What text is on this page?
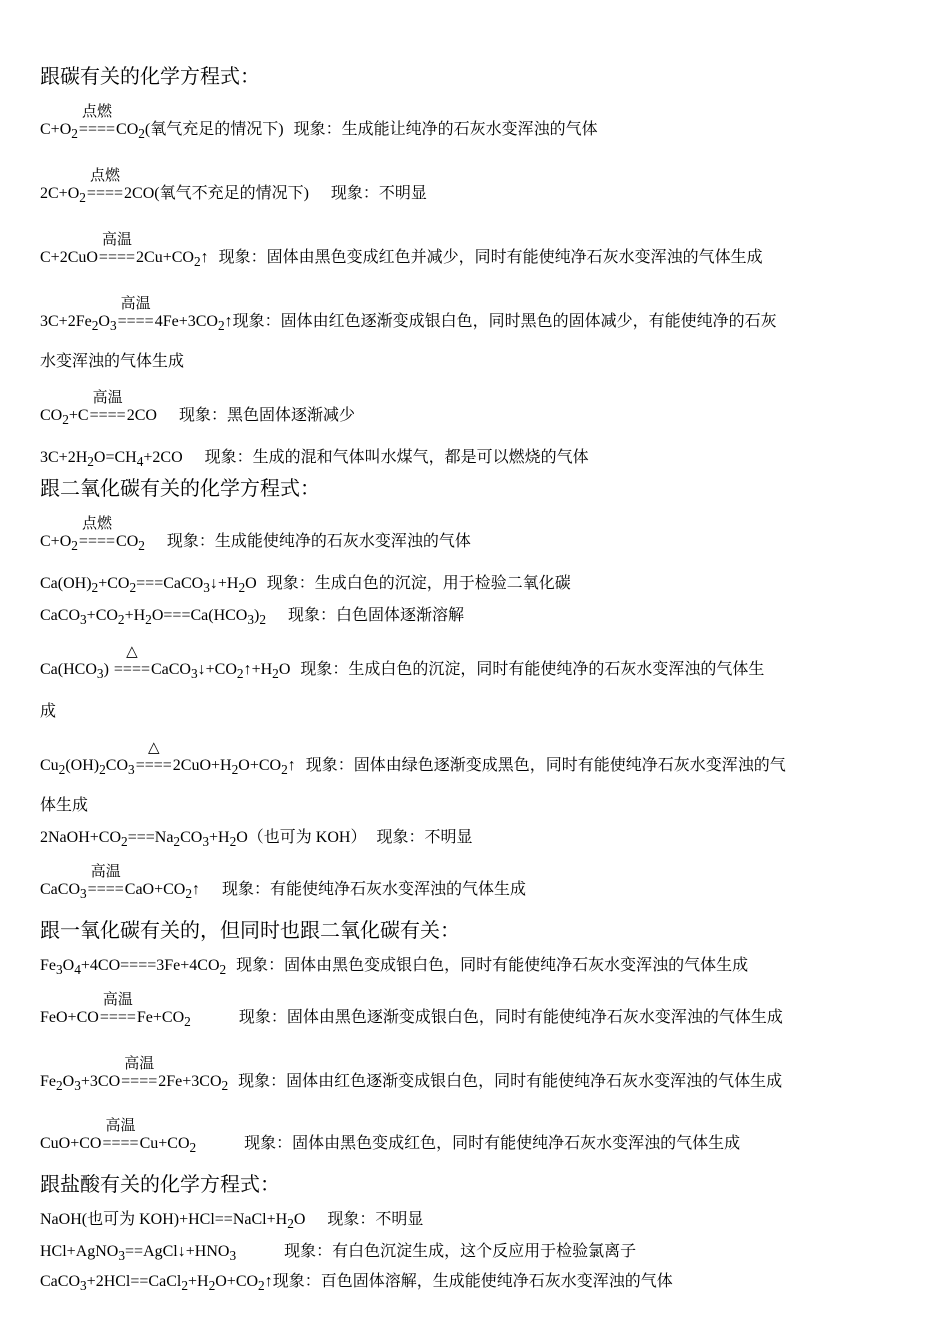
跟碳有关的化学方程式：
$C+O_2$
点燃
$====CO_2$(氧气充足的情况下) 现象：生成能让纯净的石灰水变浑浊的气体
$2C+O_2$
点燃
====2CO(氧气不充足的情况下) 现象：不明显
C+2CuO
高温
$====2Cu+CO_2↑$ 现象：固体由黑色变成红色并减少，同时有能使纯净石灰水变浑浊的气体生成
$3C+2Fe_2O_3$
高温
$====4Fe+3CO_2↑$现象：固体由红色逐渐变成银白色，同时黑色的固体减少，有能使纯净的石灰
水变浑浊的气体生成
$CO_2+C$
高温
====2CO 现象：黑色固体逐渐减少
$3C+2H_2O=CH_4+2CO$ 现象：生成的混和气体叫水煤气，都是可以燃烧的气体
跟二氧化碳有关的化学方程式：
$C+O_2$
点燃
$====CO_2$ 现象：生成能使纯净的石灰水变浑浊的气体
$Ca(OH)_2+CO_2===CaCO_3↓+H_2O$ 现象：生成白色的沉淀，用于检验二氧化碳
$CaCO_3+CO_2+H_2O===Ca(HCO_3)_2$ 现象：白色固体逐渐溶解
$Ca(HCO_3)$
△
$====CaCO_3↓+CO_2↑+H_2O$ 现象：生成白色的沉淀，同时有能使纯净的石灰水变浑浊的气体生
成
$Cu_2(OH)_2CO_3$
△
$====2CuO+H_2O+CO_2↑$ 现象：固体由绿色逐渐变成黑色，同时有能使纯净石灰水变浑浊的气
体生成
$2NaOH+CO_2===Na_2CO_3+H_2O$（也可为 KOH） 现象：不明显
CaCO$_3$
高温
$====CaO+CO_2↑$ 现象：有能使纯净石灰水变浑浊的气体生成
跟一氧化碳有关的，但同时也跟二氧化碳有关：
$Fe_3O_4+4CO====3Fe+4CO_2$ 现象：固体由黑色变成银白色，同时有能使纯净石灰水变浑浊的气体生成
FeO+CO
高温
$====Fe+CO_2$	现象：固体由黑色逐渐变成银白色，同时有能使纯净石灰水变浑浊的气体生成
$Fe_2O_3+3CO$
高温
$====2Fe+3CO_2$ 现象：固体由红色逐渐变成银白色，同时有能使纯净石灰水变浑浊的气体生成
CuO+CO
高温
$====Cu+CO_2$	现象：固体由黑色变成红色，同时有能使纯净石灰水变浑浊的气体生成
跟盐酸有关的化学方程式：
NaOH(也可为 $KOH)+HCl==NaCl+H_2O$ 现象：不明显
$HCl+AgNO_3==AgCl↓+HNO_3$	现象：有白色沉淀生成，这个反应用于检验氯离子
$CaCO_3+2HCl==CaCl_2+H_2O+CO_2↑$现象：百色固体溶解，生成能使纯净石灰水变浑浊的气体
